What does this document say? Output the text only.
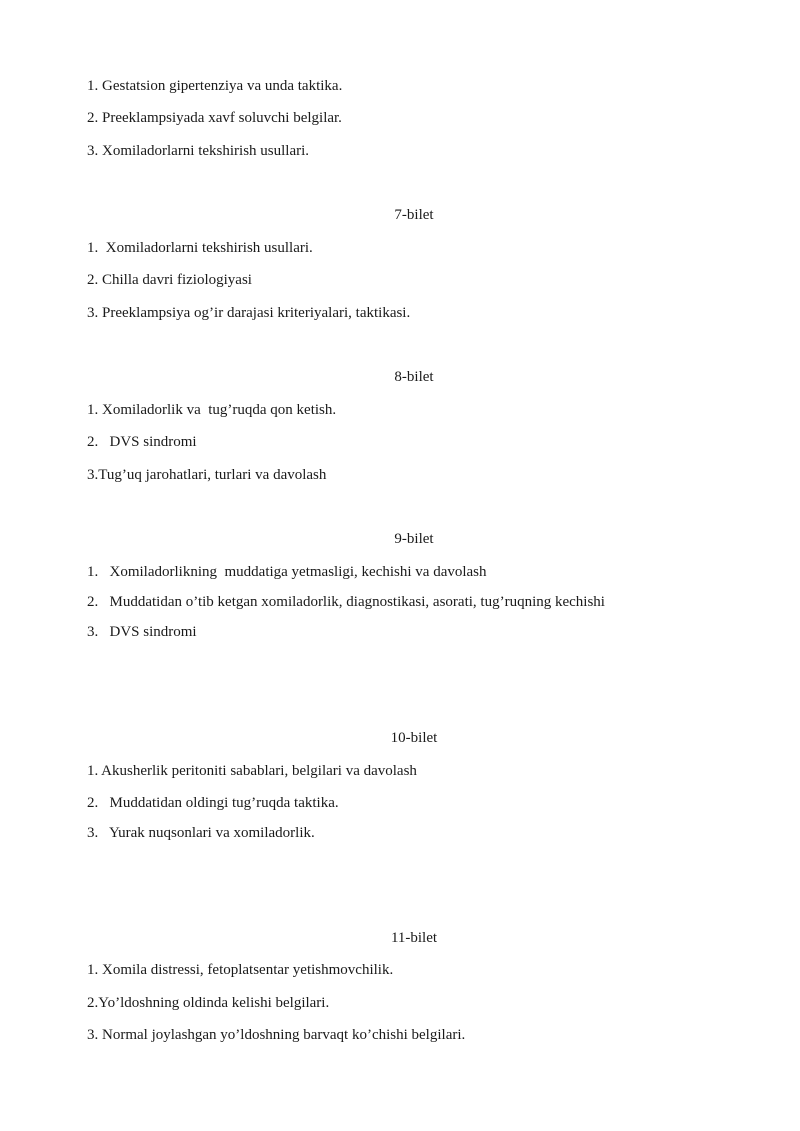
1. Gestatsion gipertenziya va unda taktika.
2. Preeklampsiyada xavf soluvchi belgilar.
3. Xomiladorlarni tekshirish usullari.
7-bilet
1.  Xomiladorlarni tekshirish usullari.
2. Chilla davri fiziologiyasi
3. Preeklampsiya og’ir darajasi kriteriyalari, taktikasi.
8-bilet
1. Xomiladorlik va  tug’ruqda qon ketish.
2.   DVS sindromi
3.Tug’uq jarohatlari, turlari va davolash
9-bilet
1.   Xomiladorlikning  muddatiga yetmasligi, kechishi va davolash
2.   Muddatidan o’tib ketgan xomiladorlik, diagnostikasi, asorati, tug’ruqning kechishi
3.   DVS sindromi
10-bilet
1. Akusherlik peritoniti sabablari, belgilari va davolash
2.   Muddatidan oldingi tug’ruqda taktika.
3.   Yurak nuqsonlari va xomiladorlik.
11-bilet
1. Xomila distressi, fetoplatsentar yetishmovchilik.
2.Yo’ldoshning oldinda kelishi belgilari.
3. Normal joylashgan yo’ldoshning barvaqt ko’chishi belgilari.
